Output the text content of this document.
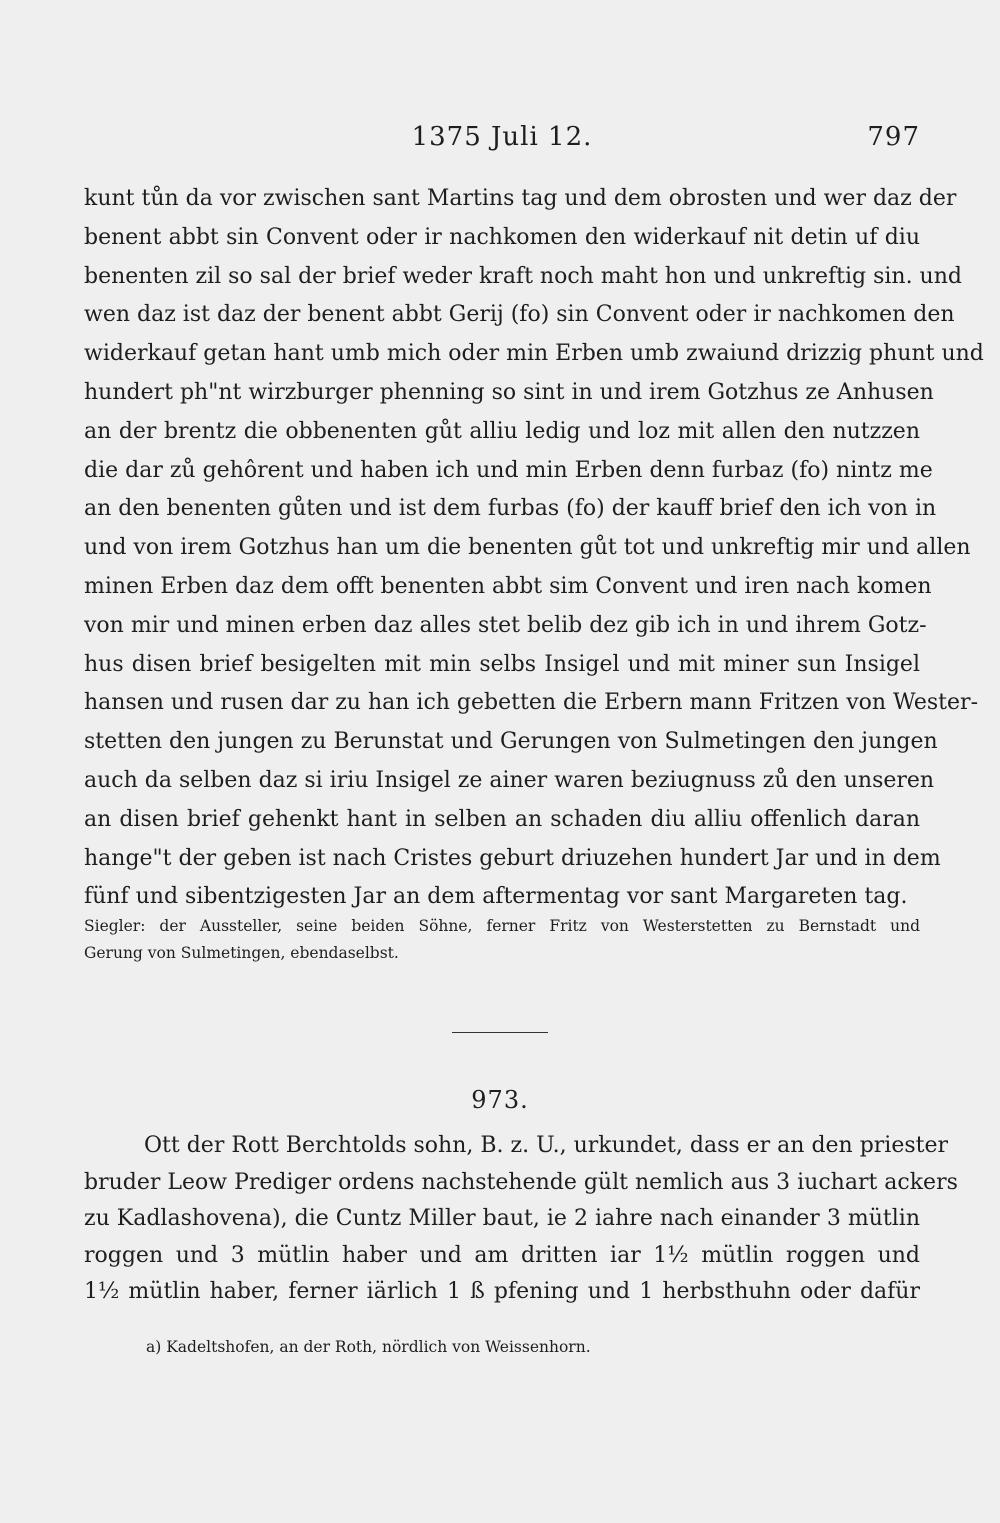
1375 Juli 12.	797
kunt tůn da vor zwischen sant Martins tag und dem obrosten und wer daz der
benent abbt sin Convent oder ir nachkomen den widerkauf nit detin uf diu
benenten zil so sal der brief weder kraft noch maht hon und unkreftig sin. und
wen daz ist daz der benent abbt Gerij (fo) sin Convent oder ir nachkomen den
widerkauf getan hant umb mich oder min Erben umb zwaiund drizzig phunt und
hundert ph"nt wirzburger phenning so sint in und irem Gotzhus ze Anhusen
an der brentz die obbenenten gůt alliu ledig und loz mit allen den nutzzen
die dar zů gehôrent und haben ich und min Erben denn furbaz (fo) nintz me
an den benenten gůten und ist dem furbas (fo) der kauff brief den ich von in
und von irem Gotzhus han um die benenten gůt tot und unkreftig mir und allen
minen Erben daz dem offt benenten abbt sim Convent und iren nach komen
von mir und minen erben daz alles stet belib dez gib ich in und ihrem Gotz-
hus disen brief besigelten mit min selbs Insigel und mit miner sun Insigel
hansen und rusen dar zu han ich gebetten die Erbern mann Fritzen von Wester-
stetten den jungen zu Berunstat und Gerungen von Sulmetingen den jungen
auch da selben daz si iriu Insigel ze ainer waren beziugnuss zů den unseren
an disen brief gehenkt hant in selben an schaden diu alliu offenlich daran
hange"t der geben ist nach Cristes geburt driuzehen hundert Jar und in dem
fünf und sibentzigesten Jar an dem aftermentag vor sant Margareten tag.
Siegler: der Aussteller, seine beiden Söhne, ferner Fritz von Westerstetten zu Bernstadt und
Gerung von Sulmetingen, ebendaselbst.
973.
Ott der Rott Berchtolds sohn, B. z. U., urkundet, dass er an den priester
bruder Leow Prediger ordens nachstehende gült nemlich aus 3 iuchart ackers
zu Kadlashovena), die Cuntz Miller baut, ie 2 iahre nach einander 3 mütlin
roggen und 3 mütlin haber und am dritten iar 1½ mütlin roggen und
1½ mütlin haber, ferner iärlich 1 ß pfening und 1 herbsthuhn oder dafür
a) Kadeltshofen, an der Roth, nördlich von Weissenhorn.
